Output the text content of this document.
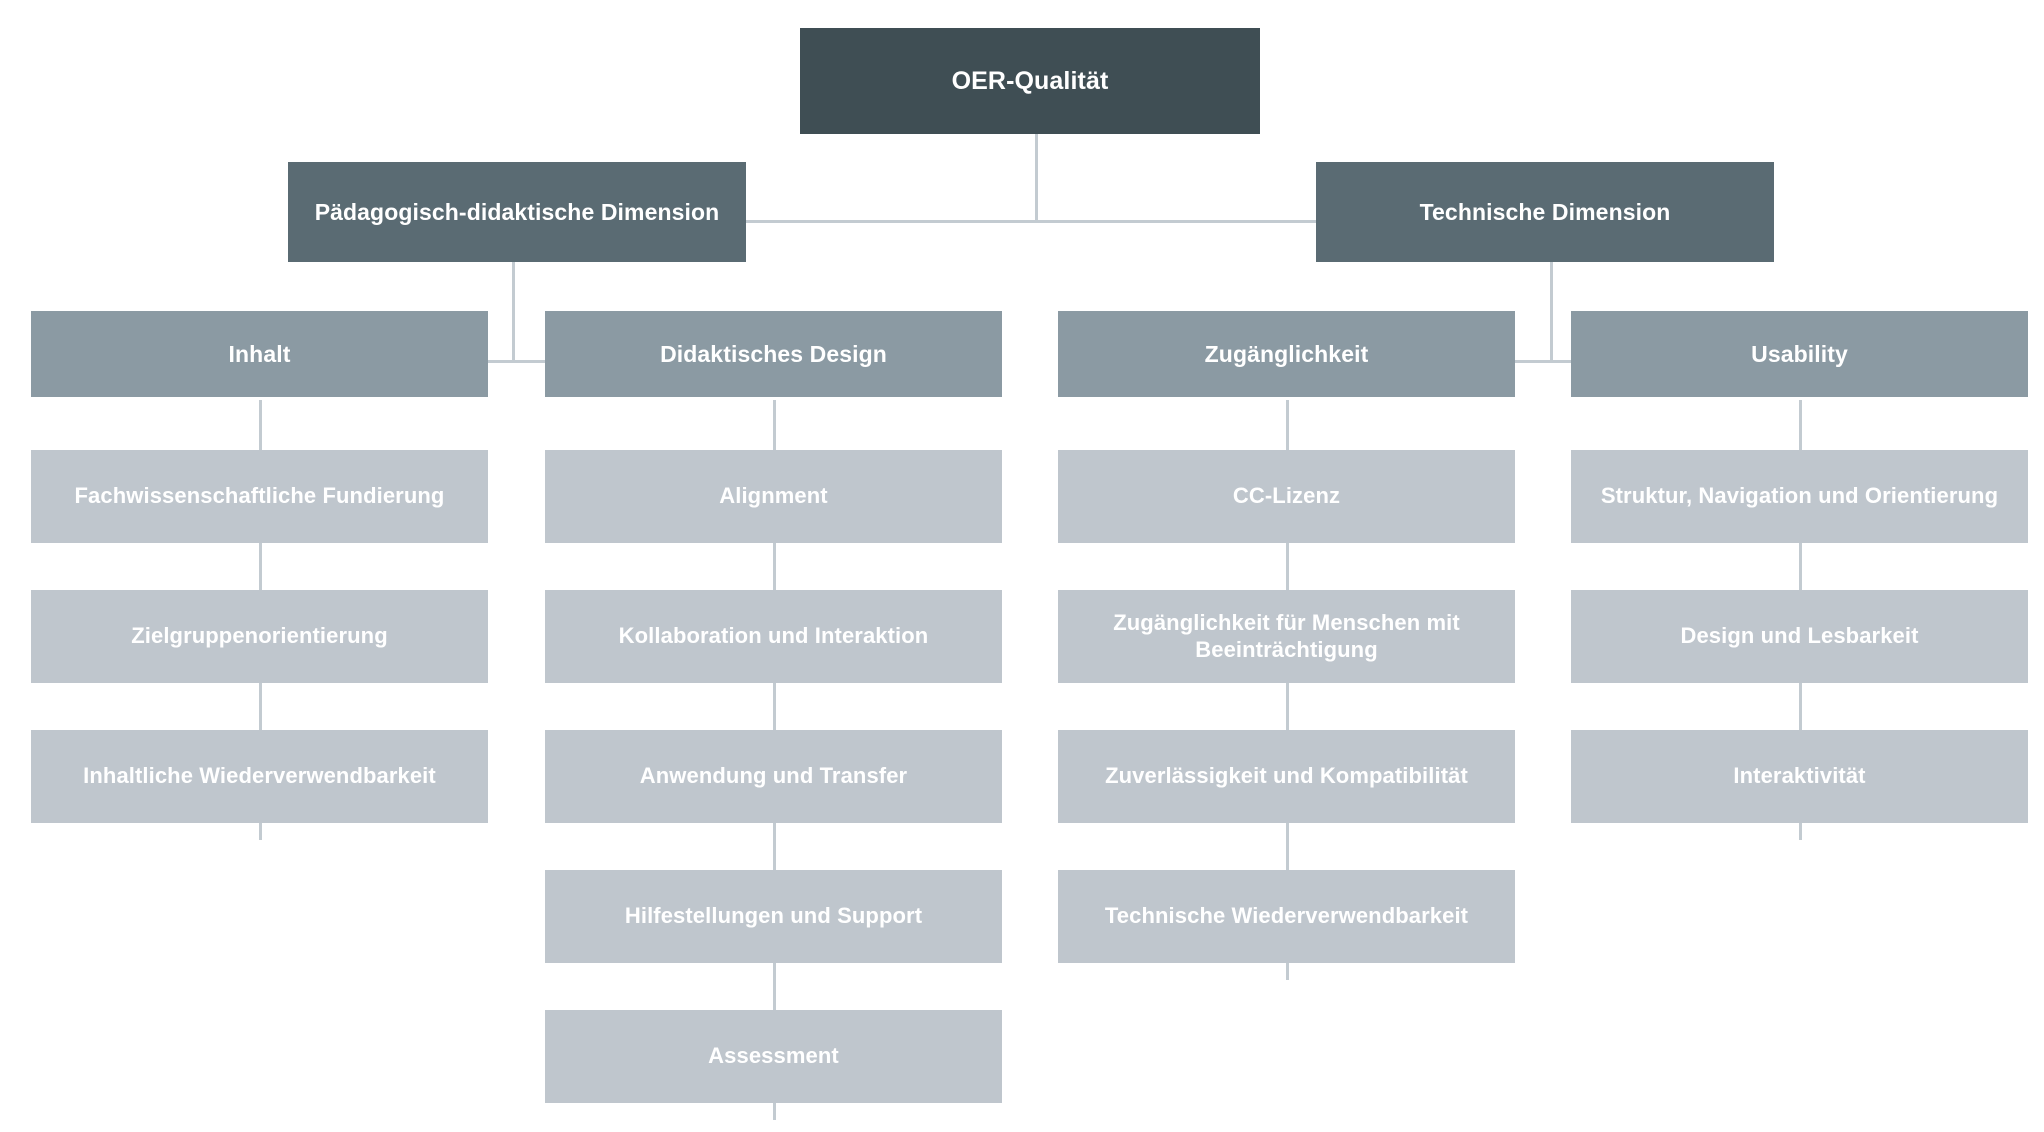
OER-Qualität
Pädagogisch-didaktische Dimension	Technische Dimension
Inhalt
Fachwissenschaftliche Fundierung
Zielgruppenorientierung
Inhaltliche Wiederverwendbarkeit
Didaktisches Design
Alignment
Kollaboration und Interaktion
Anwendung und Transfer
Hilfestellungen und Support
Assessment
Zugänglichkeit
CC-Lizenz
Zugänglichkeit für Menschen mit Beeinträchtigung
Zuverlässigkeit und Kompatibilität
Technische Wiederverwendbarkeit
Usability
Struktur, Navigation und Orientierung
Design und Lesbarkeit
Interaktivität
